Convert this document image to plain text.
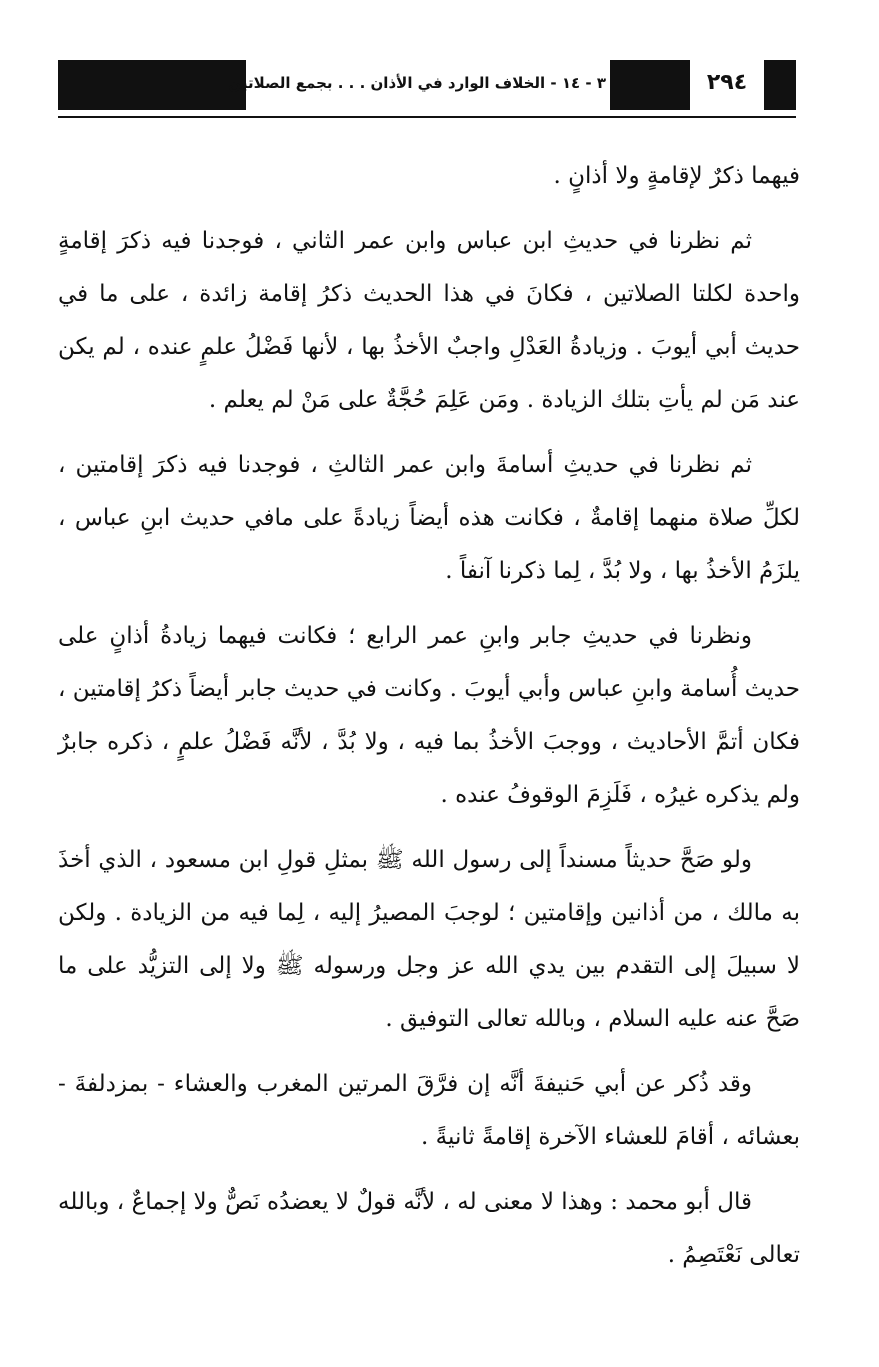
٣ - ١٤ - الخلاف الوارد في الأذان . . . بجمع الصلاتين	٢٩٤

فيهما ذكرٌ لإقامةٍ ولا أذانٍ .

ثم نظرنا في حديثِ ابن عباس وابن عمر الثاني ، فوجدنا فيه ذكرَ إقامةٍ واحدة لكلتا الصلاتين ، فكانَ في هذا الحديث ذكرُ إقامة زائدة ، على ما في حديث أبي أيوبَ . وزيادةُ العَدْلِ واجبٌ الأخذُ بها ، لأنها فَضْلُ علمٍ عنده ، لم يكن عند مَن لم يأتِ بتلك الزيادة . ومَن عَلِمَ حُجَّةٌ على مَنْ لم يعلم .

ثم نظرنا في حديثِ أسامةَ وابن عمر الثالثِ ، فوجدنا فيه ذكرَ إقامتين ، لكلِّ صلاة منهما إقامةٌ ، فكانت هذه أيضاً زيادةً على مافي حديث ابنِ عباس ، يلزَمُ الأخذُ بها ، ولا بُدَّ ، لِما ذكرنا آنفاً .

ونظرنا في حديثِ جابر وابنِ عمر الرابع ؛ فكانت فيهما زيادةُ أذانٍ على حديث أُسامة وابنِ عباس وأبي أيوبَ . وكانت في حديث جابر أيضاً ذكرُ إقامتين ، فكان أتمَّ الأحاديث ، ووجبَ الأخذُ بما فيه ، ولا بُدَّ ، لأنَّه فَضْلُ علمٍ ، ذكره جابرٌ ولم يذكره غيرُه ، فَلَزِمَ الوقوفُ عنده .

ولو صَحَّ حديثاً مسنداً إلى رسول الله ﷺ بمثلِ قولِ ابن مسعود ، الذي أخذَ به مالك ، من أذانين وإقامتين ؛ لوجبَ المصيرُ إليه ، لِما فيه من الزيادة . ولكن لا سبيلَ إلى التقدم بين يدي الله عز وجل ورسوله ﷺ ولا إلى التزيُّد على ما صَحَّ عنه عليه السلام ، وبالله تعالى التوفيق .

وقد ذُكر عن أبي حَنيفةَ أنَّه إن فرَّقَ المرتين المغرب والعشاء - بمزدلفةَ - بعشائه ، أقامَ للعشاء الآخرة إقامةً ثانيةً .

قال أبو محمد : وهذا لا معنى له ، لأنَّه قولٌ لا يعضدُه نَصٌّ ولا إجماعٌ ، وبالله تعالى نَعْتَصِمُ .
